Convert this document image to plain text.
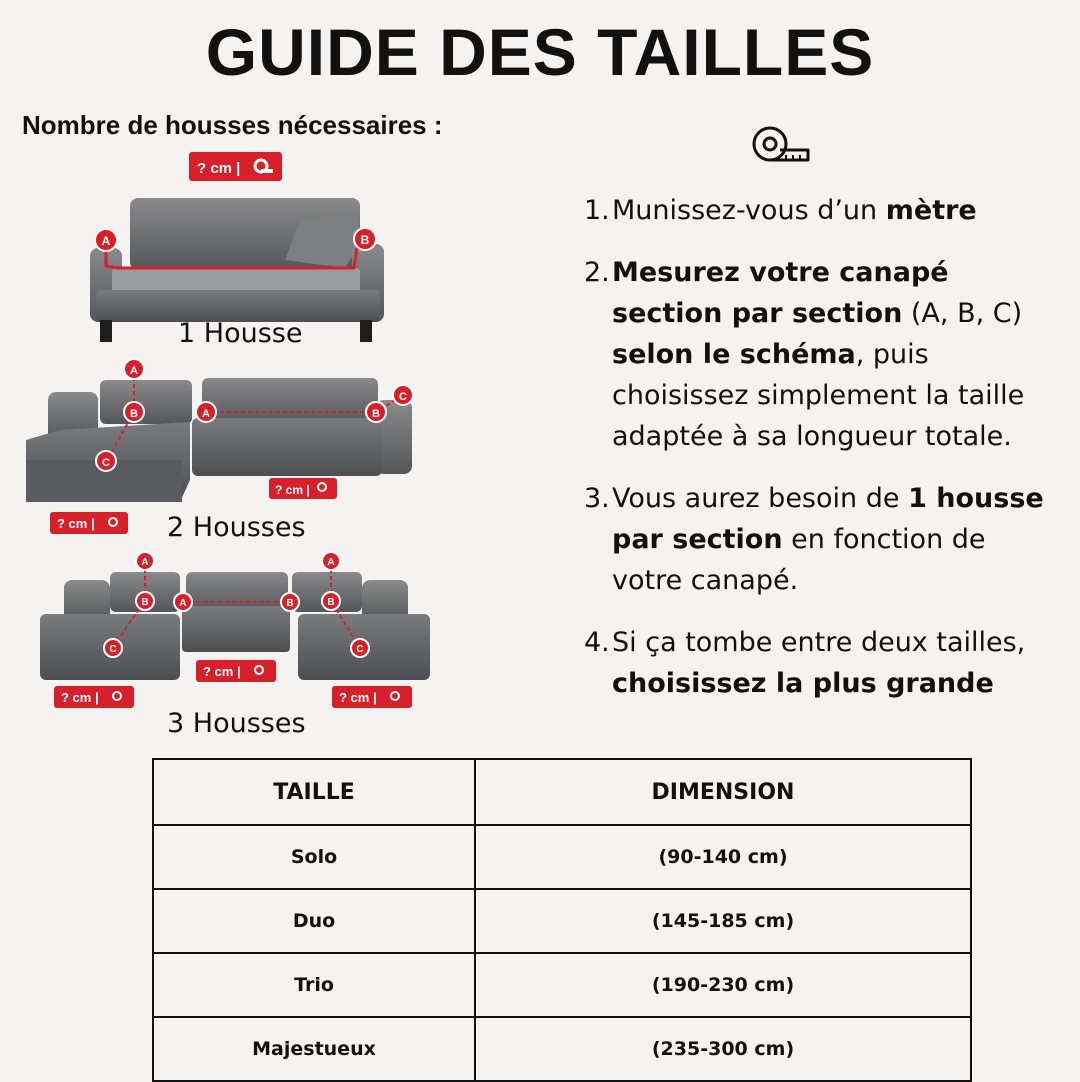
GUIDE DES TAILLES
Nombre de housses nécessaires :
? cm |
A	B
A
B
C
A	B
C
? cm |
? cm |
A
B
C
A	B
A
B
C
? cm |
? cm |	? cm |
1 Housse
2 Housses
3 Housses
1. Munissez-vous d’un mètre
2. Mesurez votre canapé section par section (A, B, C) selon le schéma, puis choisissez simplement la taille adaptée à sa longueur totale.
3. Vous aurez besoin de 1 housse par section en fonction de votre canapé.
4. Si ça tombe entre deux tailles, choisissez la plus grande
TAILLE	DIMENSION
Solo	(90-140 cm)
Duo	(145-185 cm)
Trio	(190-230 cm)
Majestueux	(235-300 cm)
